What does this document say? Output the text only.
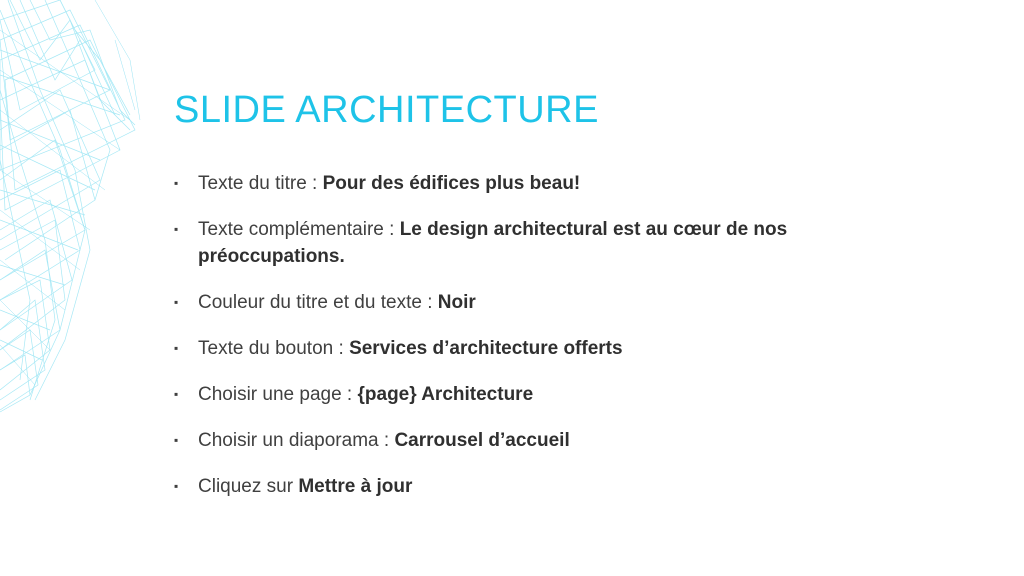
SLIDE ARCHITECTURE
▪ Texte du titre : Pour des édifices plus beau!
▪ Texte complémentaire : Le design architectural est au cœur de nos préoccupations.
▪ Couleur du titre et du texte : Noir
▪ Texte du bouton : Services d’architecture offerts
▪ Choisir une page : {page} Architecture
▪ Choisir un diaporama : Carrousel d’accueil
▪ Cliquez sur Mettre à jour
